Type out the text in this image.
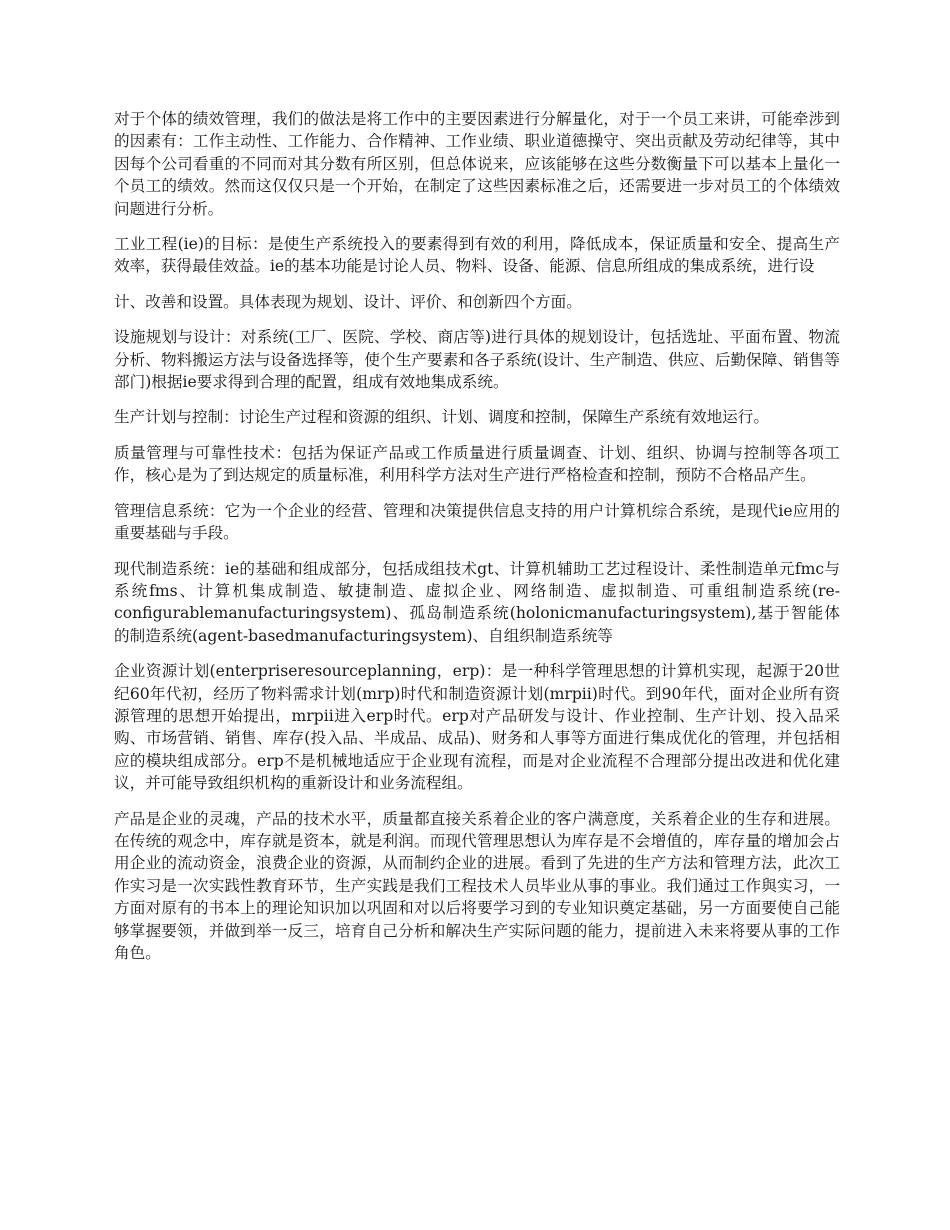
对于个体的绩效管理，我们的做法是将工作中的主要因素进行分解量化，对于一个员工来讲，可能牵涉到的因素有：工作主动性、工作能力、合作精神、工作业绩、职业道德操守、突出贡献及劳动纪律等，其中因每个公司看重的不同而对其分数有所区别，但总体说来，应该能够在这些分数衡量下可以基本上量化一个员工的绩效。然而这仅仅只是一个开始，在制定了这些因素标准之后，还需要进一步对员工的个体绩效问题进行分析。

工业工程(ie)的目标：是使生产系统投入的要素得到有效的利用，降低成本，保证质量和安全、提高生产效率，获得最佳效益。ie的基本功能是讨论人员、物料、设备、能源、信息所组成的集成系统，进行设

计、改善和设置。具体表现为规划、设计、评价、和创新四个方面。

设施规划与设计：对系统(工厂、医院、学校、商店等)进行具体的规划设计，包括选址、平面布置、物流分析、物料搬运方法与设备选择等，使个生产要素和各子系统(设计、生产制造、供应、后勤保障、销售等部门)根据ie要求得到合理的配置，组成有效地集成系统。

生产计划与控制：讨论生产过程和资源的组织、计划、调度和控制，保障生产系统有效地运行。

质量管理与可靠性技术：包括为保证产品或工作质量进行质量调查、计划、组织、协调与控制等各项工作，核心是为了到达规定的质量标准，利用科学方法对生产进行严格检查和控制，预防不合格品产生。

管理信息系统：它为一个企业的经营、管理和决策提供信息支持的用户计算机综合系统，是现代ie应用的重要基础与手段。

现代制造系统：ie的基础和组成部分，包括成组技术gt、计算机辅助工艺过程设计、柔性制造单元fmc与系统fms、计算机集成制造、敏捷制造、虚拟企业、网络制造、虚拟制造、可重组制造系统(re-configurablemanufacturingsystem)、孤岛制造系统(holonicmanufacturingsystem),基于智能体的制造系统(agent-basedmanufacturingsystem)、自组织制造系统等

企业资源计划(enterpriseresourceplanning，erp)：是一种科学管理思想的计算机实现，起源于20世纪60年代初，经历了物料需求计划(mrp)时代和制造资源计划(mrpii)时代。到90年代，面对企业所有资源管理的思想开始提出，mrpii进入erp时代。erp对产品研发与设计、作业控制、生产计划、投入品采购、市场营销、销售、库存(投入品、半成品、成品)、财务和人事等方面进行集成优化的管理，并包括相应的模块组成部分。erp不是机械地适应于企业现有流程，而是对企业流程不合理部分提出改进和优化建议，并可能导致组织机构的重新设计和业务流程组。

产品是企业的灵魂，产品的技术水平，质量都直接关系着企业的客户满意度，关系着企业的生存和进展。在传统的观念中，库存就是资本，就是利润。而现代管理思想认为库存是不会增值的，库存量的增加会占用企业的流动资金，浪费企业的资源，从而制约企业的进展。看到了先进的生产方法和管理方法，此次工作实习是一次实践性教育环节，生产实践是我们工程技术人员毕业从事的事业。我们通过工作與实习，一方面对原有的书本上的理论知识加以巩固和对以后将要学习到的专业知识奠定基础，另一方面要使自己能够掌握要领，并做到举一反三，培育自己分析和解决生产实际问题的能力，提前进入未来将要从事的工作角色。
